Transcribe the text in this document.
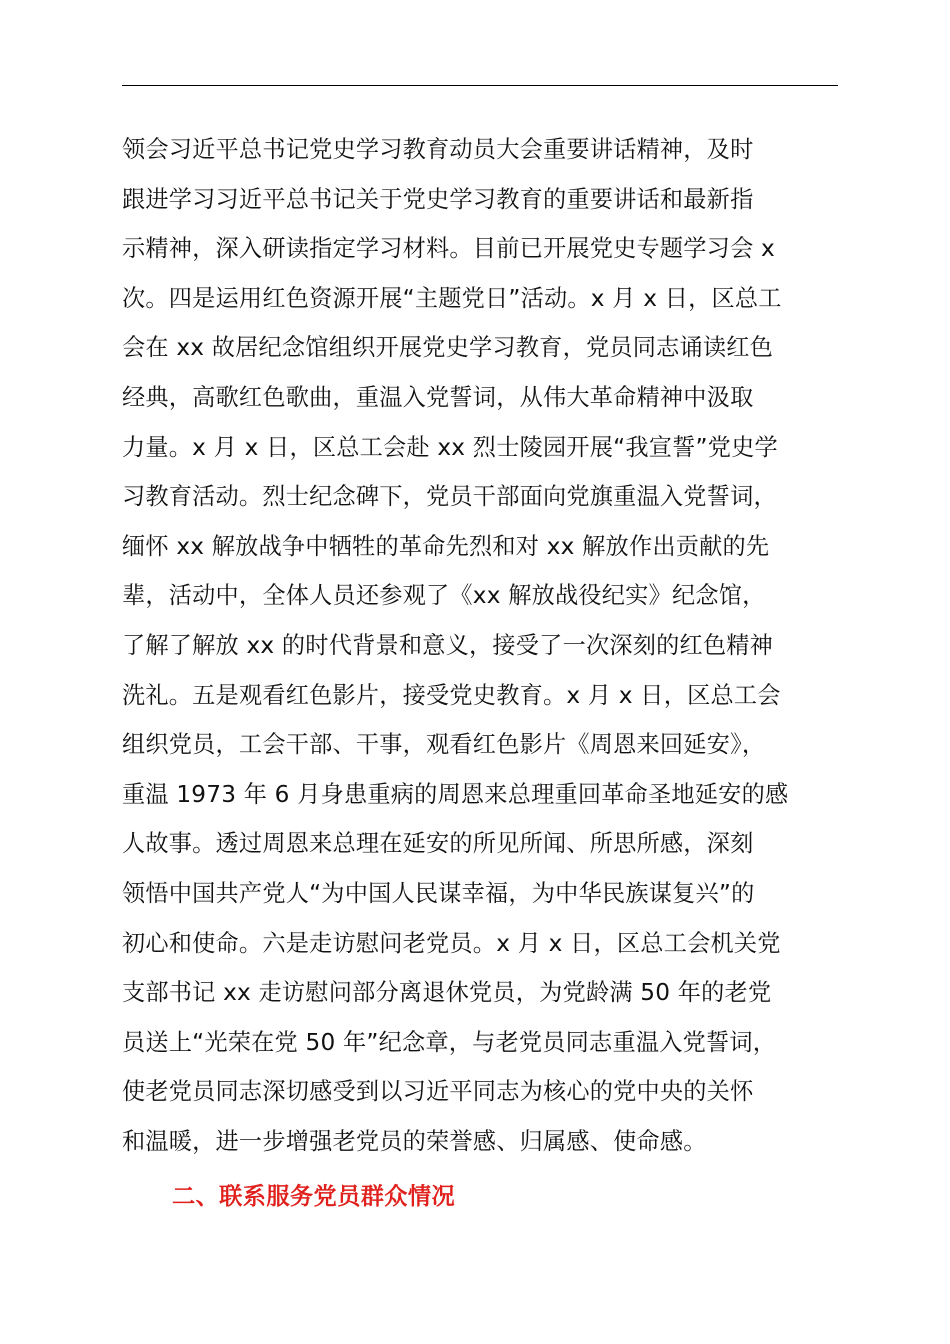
领会习近平总书记党史学习教育动员大会重要讲话精神，及时
跟进学习习近平总书记关于党史学习教育的重要讲话和最新指
示精神，深入研读指定学习材料。目前已开展党史专题学习会 x
次。四是运用红色资源开展“主题党日”活动。x 月 x 日，区总工
会在 xx 故居纪念馆组织开展党史学习教育，党员同志诵读红色
经典，高歌红色歌曲，重温入党誓词，从伟大革命精神中汲取
力量。x 月 x 日，区总工会赴 xx 烈士陵园开展“我宣誓”党史学
习教育活动。烈士纪念碑下，党员干部面向党旗重温入党誓词，
缅怀 xx 解放战争中牺牲的革命先烈和对 xx 解放作出贡献的先
辈，活动中，全体人员还参观了《xx 解放战役纪实》纪念馆，
了解了解放 xx 的时代背景和意义，接受了一次深刻的红色精神
洗礼。五是观看红色影片，接受党史教育。x 月 x 日，区总工会
组织党员，工会干部、干事，观看红色影片《周恩来回延安》，
重温 1973 年 6 月身患重病的周恩来总理重回革命圣地延安的感
人故事。透过周恩来总理在延安的所见所闻、所思所感，深刻
领悟中国共产党人“为中国人民谋幸福，为中华民族谋复兴”的
初心和使命。六是走访慰问老党员。x 月 x 日，区总工会机关党
支部书记 xx 走访慰问部分离退休党员，为党龄满 50 年的老党
员送上“光荣在党 50 年”纪念章，与老党员同志重温入党誓词，
使老党员同志深切感受到以习近平同志为核心的党中央的关怀
和温暖，进一步增强老党员的荣誉感、归属感、使命感。
二、联系服务党员群众情况
